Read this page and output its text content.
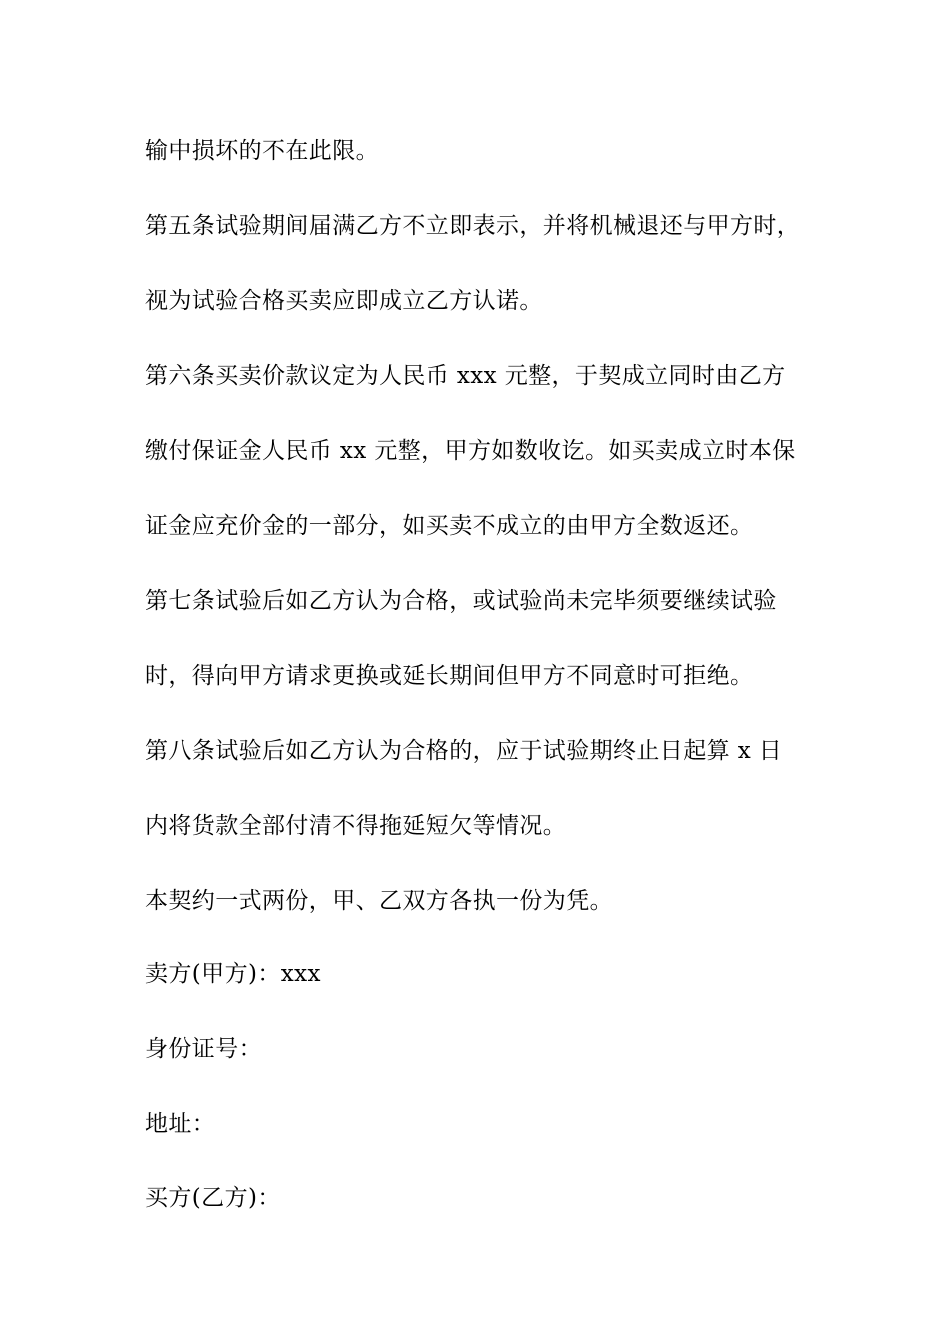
输中损坏的不在此限。
第五条试验期间届满乙方不立即表示，并将机械退还与甲方时，
视为试验合格买卖应即成立乙方认诺。
第六条买卖价款议定为人民币 xxx 元整，于契成立同时由乙方
缴付保证金人民币 xx 元整，甲方如数收讫。如买卖成立时本保
证金应充价金的一部分，如买卖不成立的由甲方全数返还。
第七条试验后如乙方认为合格，或试验尚未完毕须要继续试验
时，得向甲方请求更换或延长期间但甲方不同意时可拒绝。
第八条试验后如乙方认为合格的，应于试验期终止日起算 x 日
内将货款全部付清不得拖延短欠等情况。
本契约一式两份，甲、乙双方各执一份为凭。
卖方(甲方)：xxx
身份证号：
地址：
买方(乙方)：
